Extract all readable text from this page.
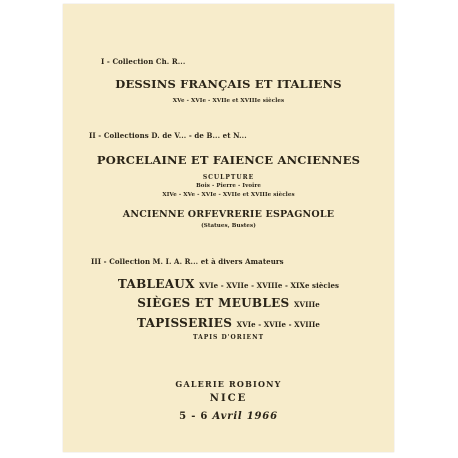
I - Collection Ch. R...
DESSINS FRANÇAIS ET ITALIENS
XVe - XVIe - XVIIe et XVIIIe siècles
II - Collections D. de V... - de B... et N...
PORCELAINE ET FAIENCE ANCIENNES
SCULPTURE
Bois - Pierre - Ivoire
XIVe - XVe - XVIe - XVIIe et XVIIIe siècles
ANCIENNE ORFEVRERIE ESPAGNOLE
(Statues, Bustes)
III - Collection M. I. A. R... et à divers Amateurs
TABLEAUX XVIe - XVIIe - XVIIIe - XIXe siècles
SIÈGES ET MEUBLES XVIIIe
TAPISSERIES XVIe - XVIIe - XVIIIe
TAPIS D'ORIENT
GALERIE ROBIONY
NICE
5 - 6 Avril 1966
